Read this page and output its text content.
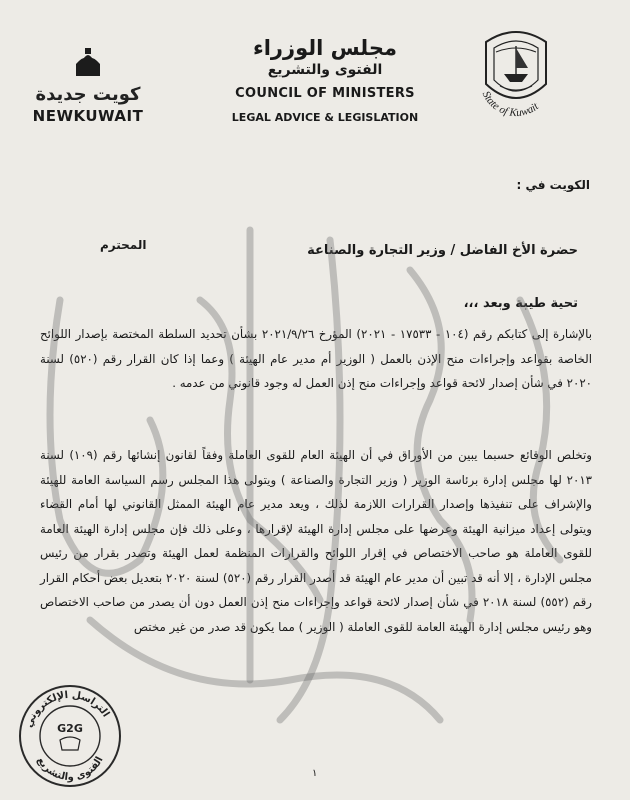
State of Kuwait
مجلس الوزراء
الفتوى والتشريع
COUNCIL OF MINISTERS
LEGAL ADVICE & LEGISLATION
كويت جديدة
NEWKUWAIT
الكويت في :
حضرة الأخ الفاضل / وزير التجارة والصناعة
المحترم
تحية طيبة وبعد ،،،
بالإشارة إلى كتابكم رقم (١٠٤ - ١٧٥٣٣ - ٢٠٢١) المؤرخ ٢٠٢١/٩/٢٦ بشأن تحديد السلطة المختصة بإصدار اللوائح الخاصة بقواعد وإجراءات منح الإذن بالعمل ( الوزير أم مدير عام الهيئة ) وعما إذا كان القرار رقم (٥٢٠) لسنة ٢٠٢٠ في شأن إصدار لائحة قواعد وإجراءات منح إذن العمل له وجود قانوني من عدمه .
وتخلص الوقائع حسبما يبين من الأوراق في أن الهيئة العام للقوى العاملة وفقاً لقانون إنشائها رقم (١٠٩) لسنة ٢٠١٣ لها مجلس إدارة برئاسة الوزير ( وزير التجارة والصناعة ) ويتولى هذا المجلس رسم السياسة العامة للهيئة والإشراف على تنفيذها وإصدار القرارات اللازمة لذلك ، ويعد مدير عام الهيئة الممثل القانوني لها أمام القضاء ويتولى إعداد ميزانية الهيئة وعرضها على مجلس إدارة الهيئة لإقرارها ، وعلى ذلك فإن مجلس إدارة الهيئة العامة للقوى العاملة هو صاحب الاختصاص في إقرار اللوائح والقرارات المنظمة لعمل الهيئة وتصدر بقرار من رئيس مجلس الإدارة ، إلا أنه قد تبين أن مدير عام الهيئة قد أصدر القرار رقم (٥٢٠) لسنة ٢٠٢٠ بتعديل بعض أحكام القرار رقم (٥٥٢) لسنة ٢٠١٨ في شأن إصدار لائحة قواعد وإجراءات منح إذن العمل دون أن يصدر من صاحب الاختصاص وهو رئيس مجلس إدارة الهيئة العامة للقوى العاملة ( الوزير ) مما يكون قد صدر من غير مختص
١
التراسل الإلكتروني
الفتوى والتشريع
G2G
